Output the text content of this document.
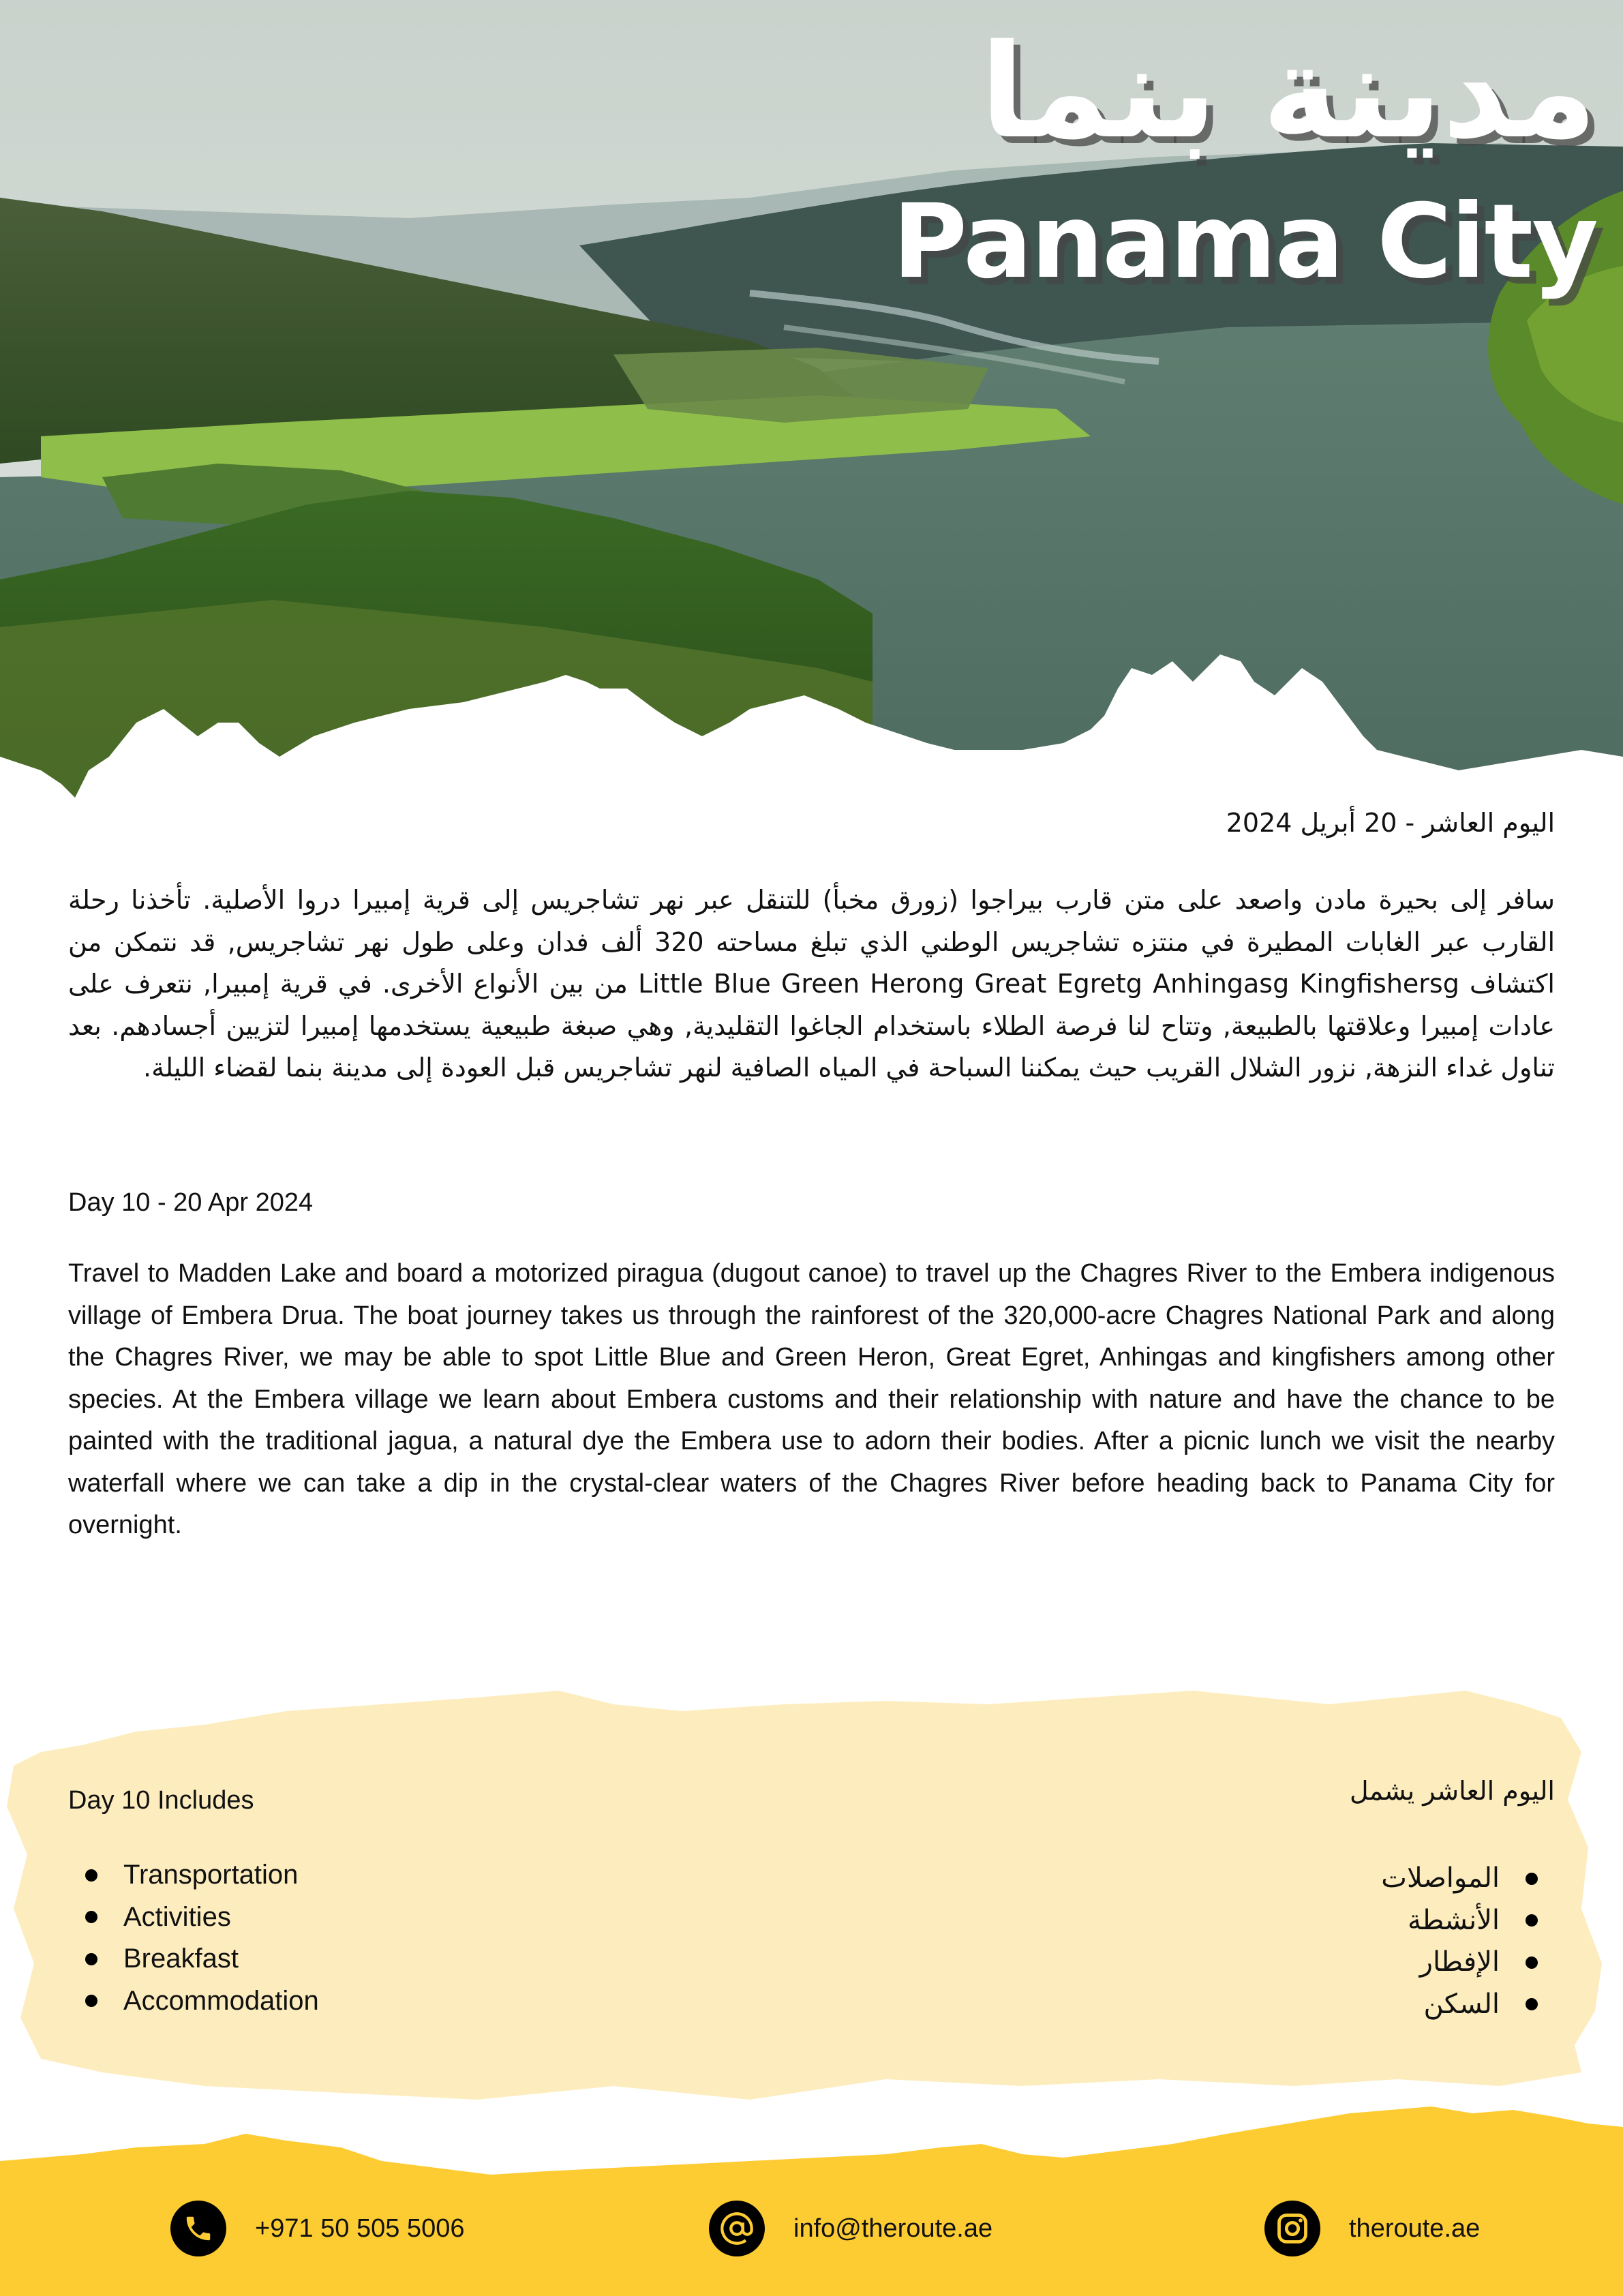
مدينة بنما
Panama City
اليوم العاشر - 20 أبريل 2024
سافر إلى بحيرة مادن واصعد على متن قارب بيراجوا (زورق مخبأ) للتنقل عبر نهر تشاجريس إلى قرية إمبيرا دروا الأصلية. تأخذنا رحلة القارب عبر الغابات المطيرة في منتزه تشاجريس الوطني الذي تبلغ مساحته 320 ألف فدان وعلى طول نهر تشاجريس, قد نتمكن من اكتشاف Little Blue Green Herong Great Egretg Anhingasg Kingfishersg من بين الأنواع الأخرى. في قرية إمبيرا, نتعرف على عادات إمبيرا وعلاقتها بالطبيعة, وتتاح لنا فرصة الطلاء باستخدام الجاغوا التقليدية, وهي صبغة طبيعية يستخدمها إمبيرا لتزيين أجسادهم. بعد تناول غداء النزهة, نزور الشلال القريب حيث يمكننا السباحة في المياه الصافية لنهر تشاجريس قبل العودة إلى مدينة بنما لقضاء الليلة.
Day 10 - 20 Apr 2024
Travel to Madden Lake and board a motorized piragua (dugout canoe) to travel up the Chagres River to the Embera indigenous village of Embera Drua. The boat journey takes us through the rainforest of the 320,000-acre Chagres National Park and along the Chagres River, we may be able to spot Little Blue and Green Heron, Great Egret, Anhingas and kingfishers among other species. At the Embera village we learn about Embera customs and their relationship with nature and have the chance to be painted with the traditional jagua, a natural dye the Embera use to adorn their bodies. After a picnic lunch we visit the nearby waterfall where we can take a dip in the crystal-clear waters of the Chagres River before heading back to Panama City for overnight.
Day 10 Includes
Transportation
Activities
Breakfast
Accommodation
اليوم العاشر يشمل
المواصلات
الأنشطة
الإفطار
السكن
+971 50 505 5006	info@theroute.ae	theroute.ae
